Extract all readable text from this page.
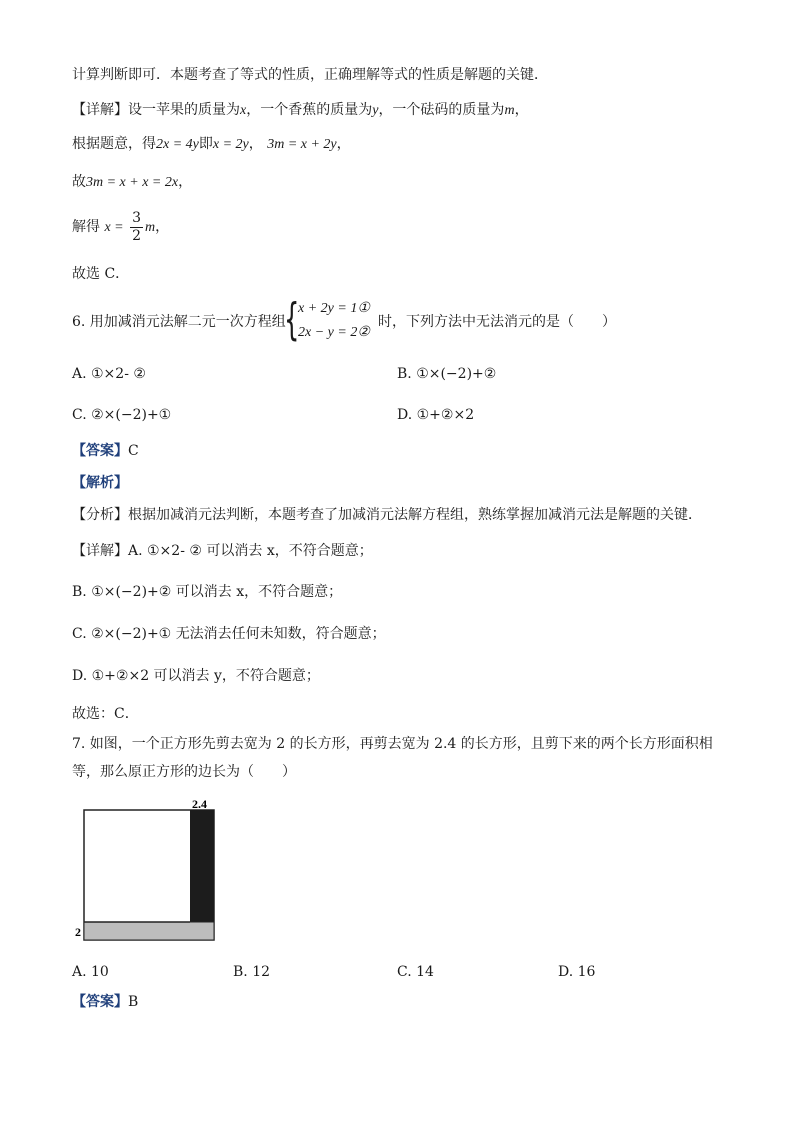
计算判断即可．本题考查了等式的性质，正确理解等式的性质是解题的关键．
【详解】设一苹果的质量为x，一个香蕉的质量为y，一个砝码的质量为m，
根据题意，得2x = 4y即x = 2y， 3m = x + 2y，
故3m = x + x = 2x，
解得 $x = \frac{3}{2}$ m，
故选 C．
6. 用加减消元法解二元一次方程组
{
x + 2y = 1①
2x − y = 2②
时，下列方法中无法消元的是（　　）
A. ①×2- ②	B. ①×(−2)+②
C. ②×(−2)+①	D. ①+②×2
【答案】C
【解析】
【分析】根据加减消元法判断，本题考查了加减消元法解方程组，熟练掌握加减消元法是解题的关键．
【详解】A. ①×2- ② 可以消去 x，不符合题意；
B. ①×(−2)+② 可以消去 x，不符合题意；
C. ②×(−2)+① 无法消去任何未知数，符合题意；
D. ①+②×2 可以消去 y，不符合题意；
故选：C．
7. 如图，一个正方形先剪去宽为 2 的长方形，再剪去宽为 2.4 的长方形，且剪下来的两个长方形面积相
等，那么原正方形的边长为（　　）
2.4
2
A. 10	B. 12	C. 14	D. 16
【答案】B
